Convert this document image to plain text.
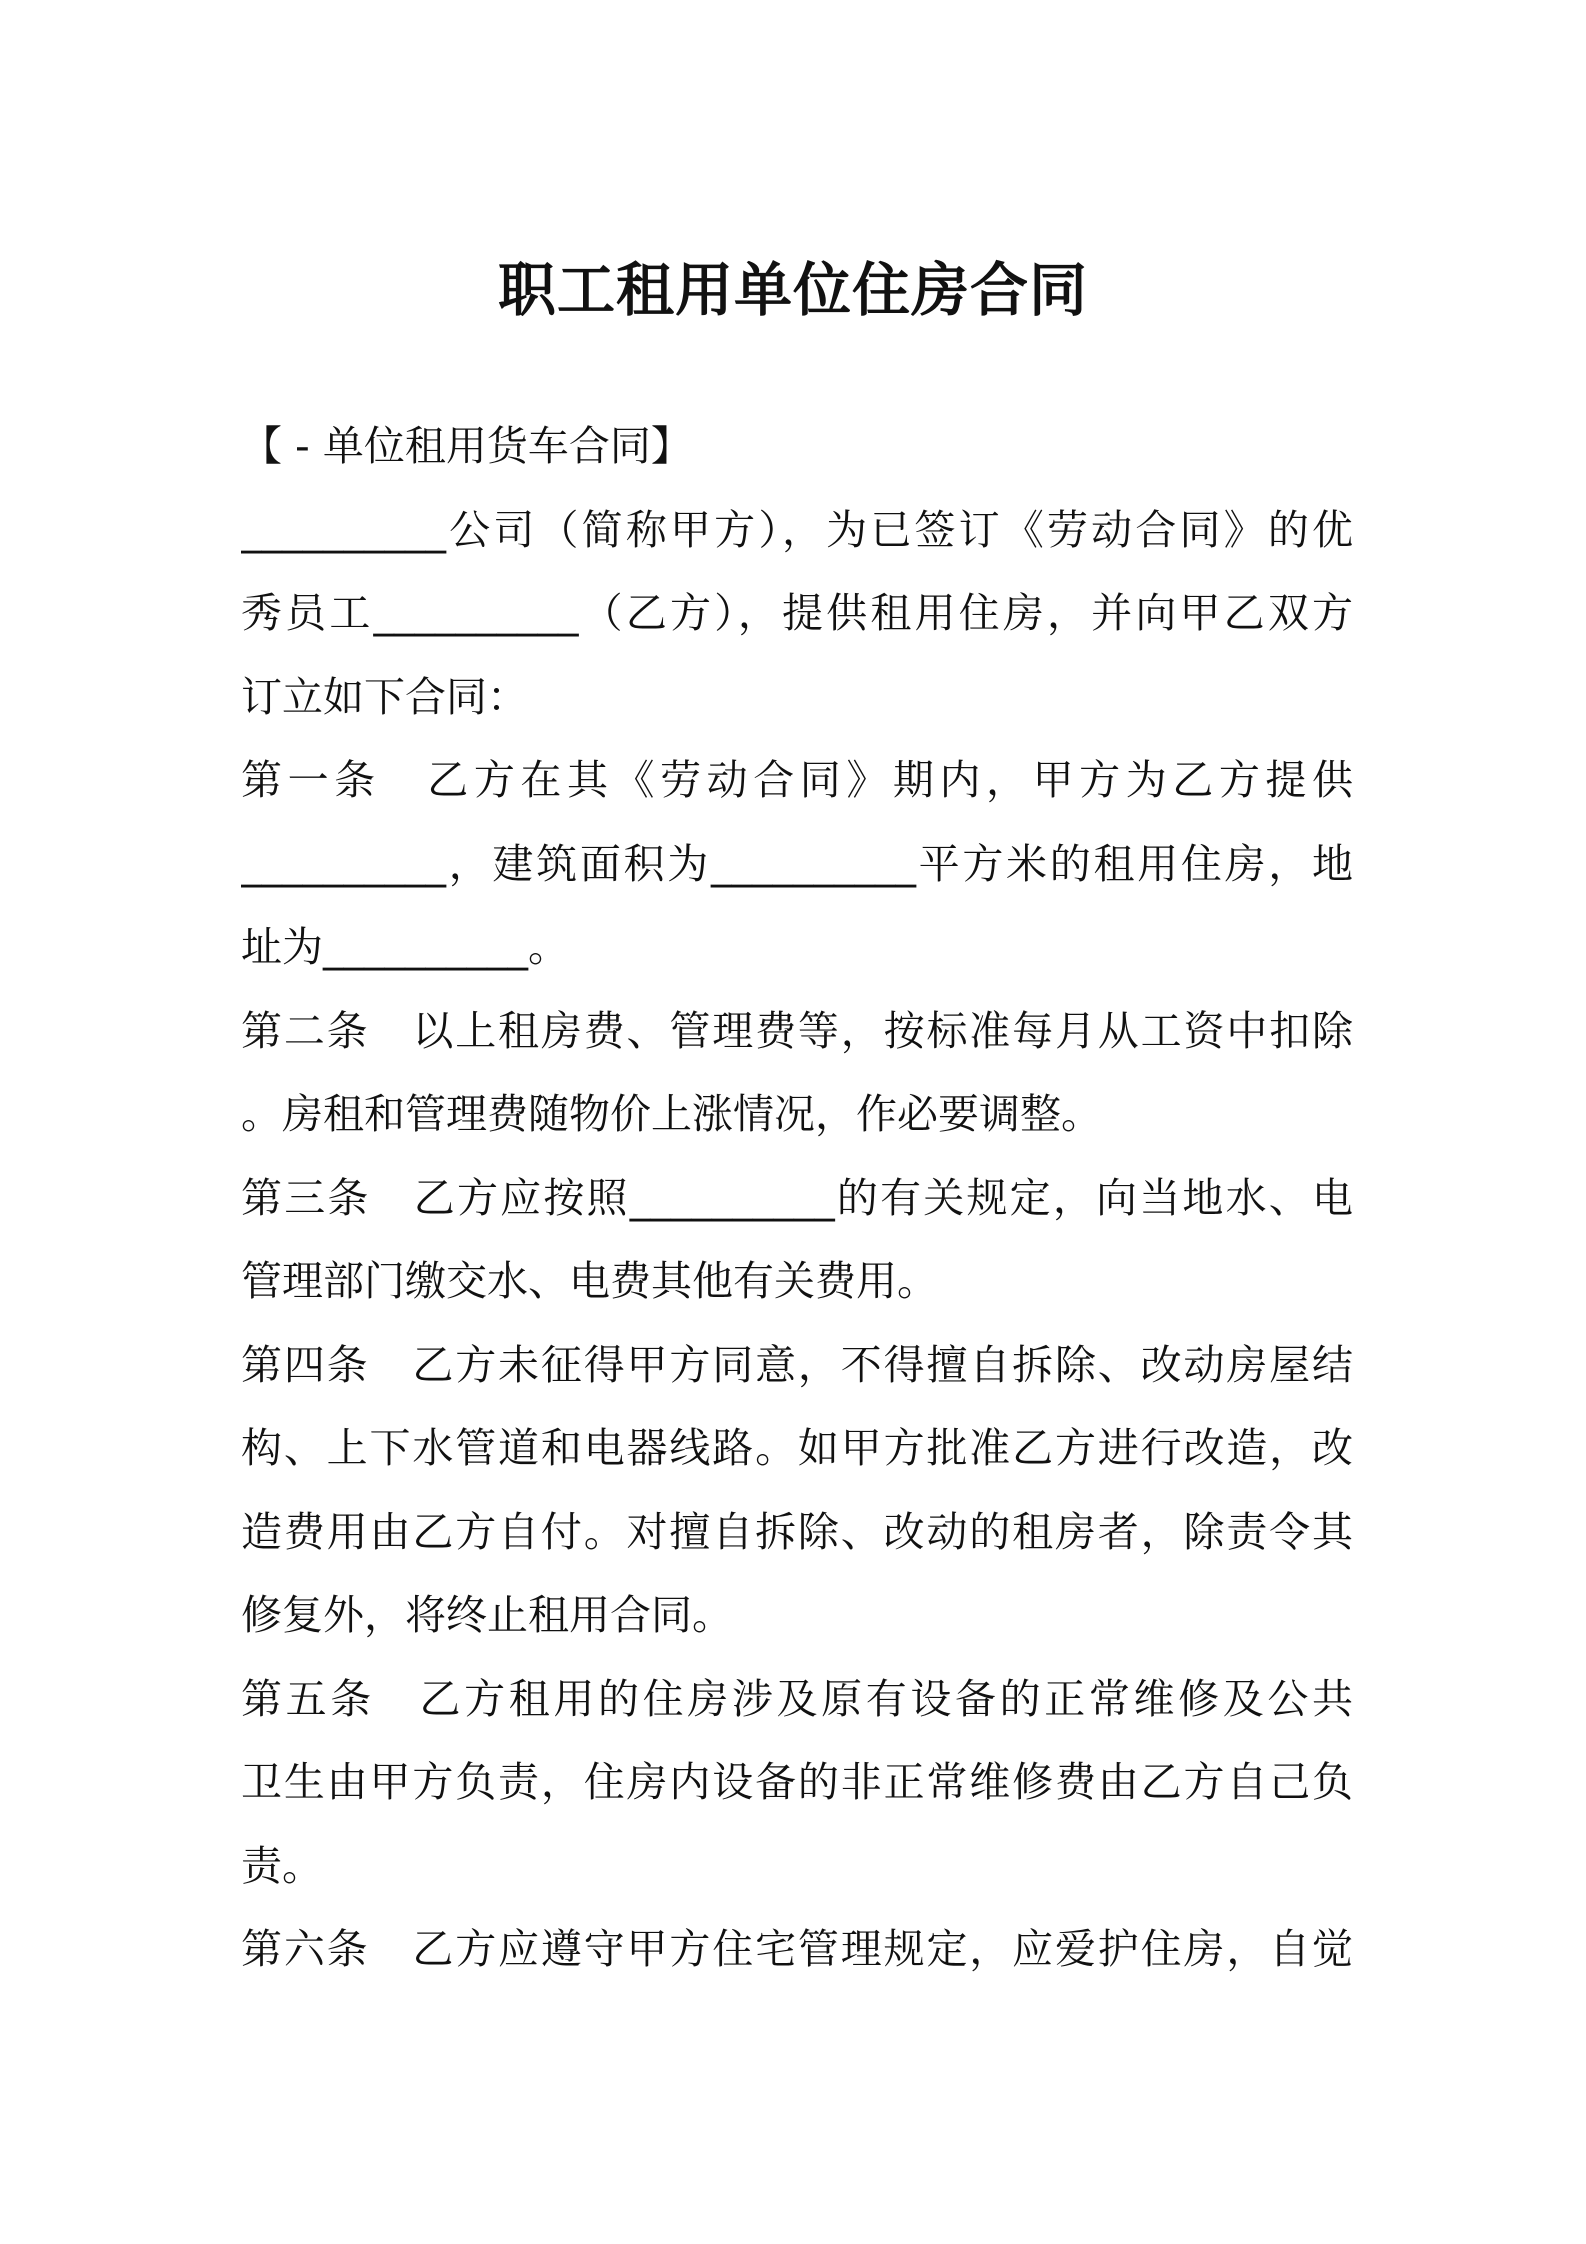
职工租用单位住房合同
【 - 单位租用货车合同】
__________公司（简称甲方），为已签订《劳动合同》的优
秀员工__________（乙方），提供租用住房，并向甲乙双方
订立如下合同：
第一条　乙方在其《劳动合同》期内，甲方为乙方提供
__________，建筑面积为__________平方米的租用住房，地
址为__________。
第二条　以上租房费、管理费等，按标准每月从工资中扣除
。房租和管理费随物价上涨情况，作必要调整。
第三条　乙方应按照__________的有关规定，向当地水、电
管理部门缴交水、电费其他有关费用。
第四条　乙方未征得甲方同意，不得擅自拆除、改动房屋结
构、上下水管道和电器线路。如甲方批准乙方进行改造，改
造费用由乙方自付。对擅自拆除、改动的租房者，除责令其
修复外，将终止租用合同。
第五条　乙方租用的住房涉及原有设备的正常维修及公共
卫生由甲方负责，住房内设备的非正常维修费由乙方自己负
责。
第六条　乙方应遵守甲方住宅管理规定，应爱护住房，自觉
